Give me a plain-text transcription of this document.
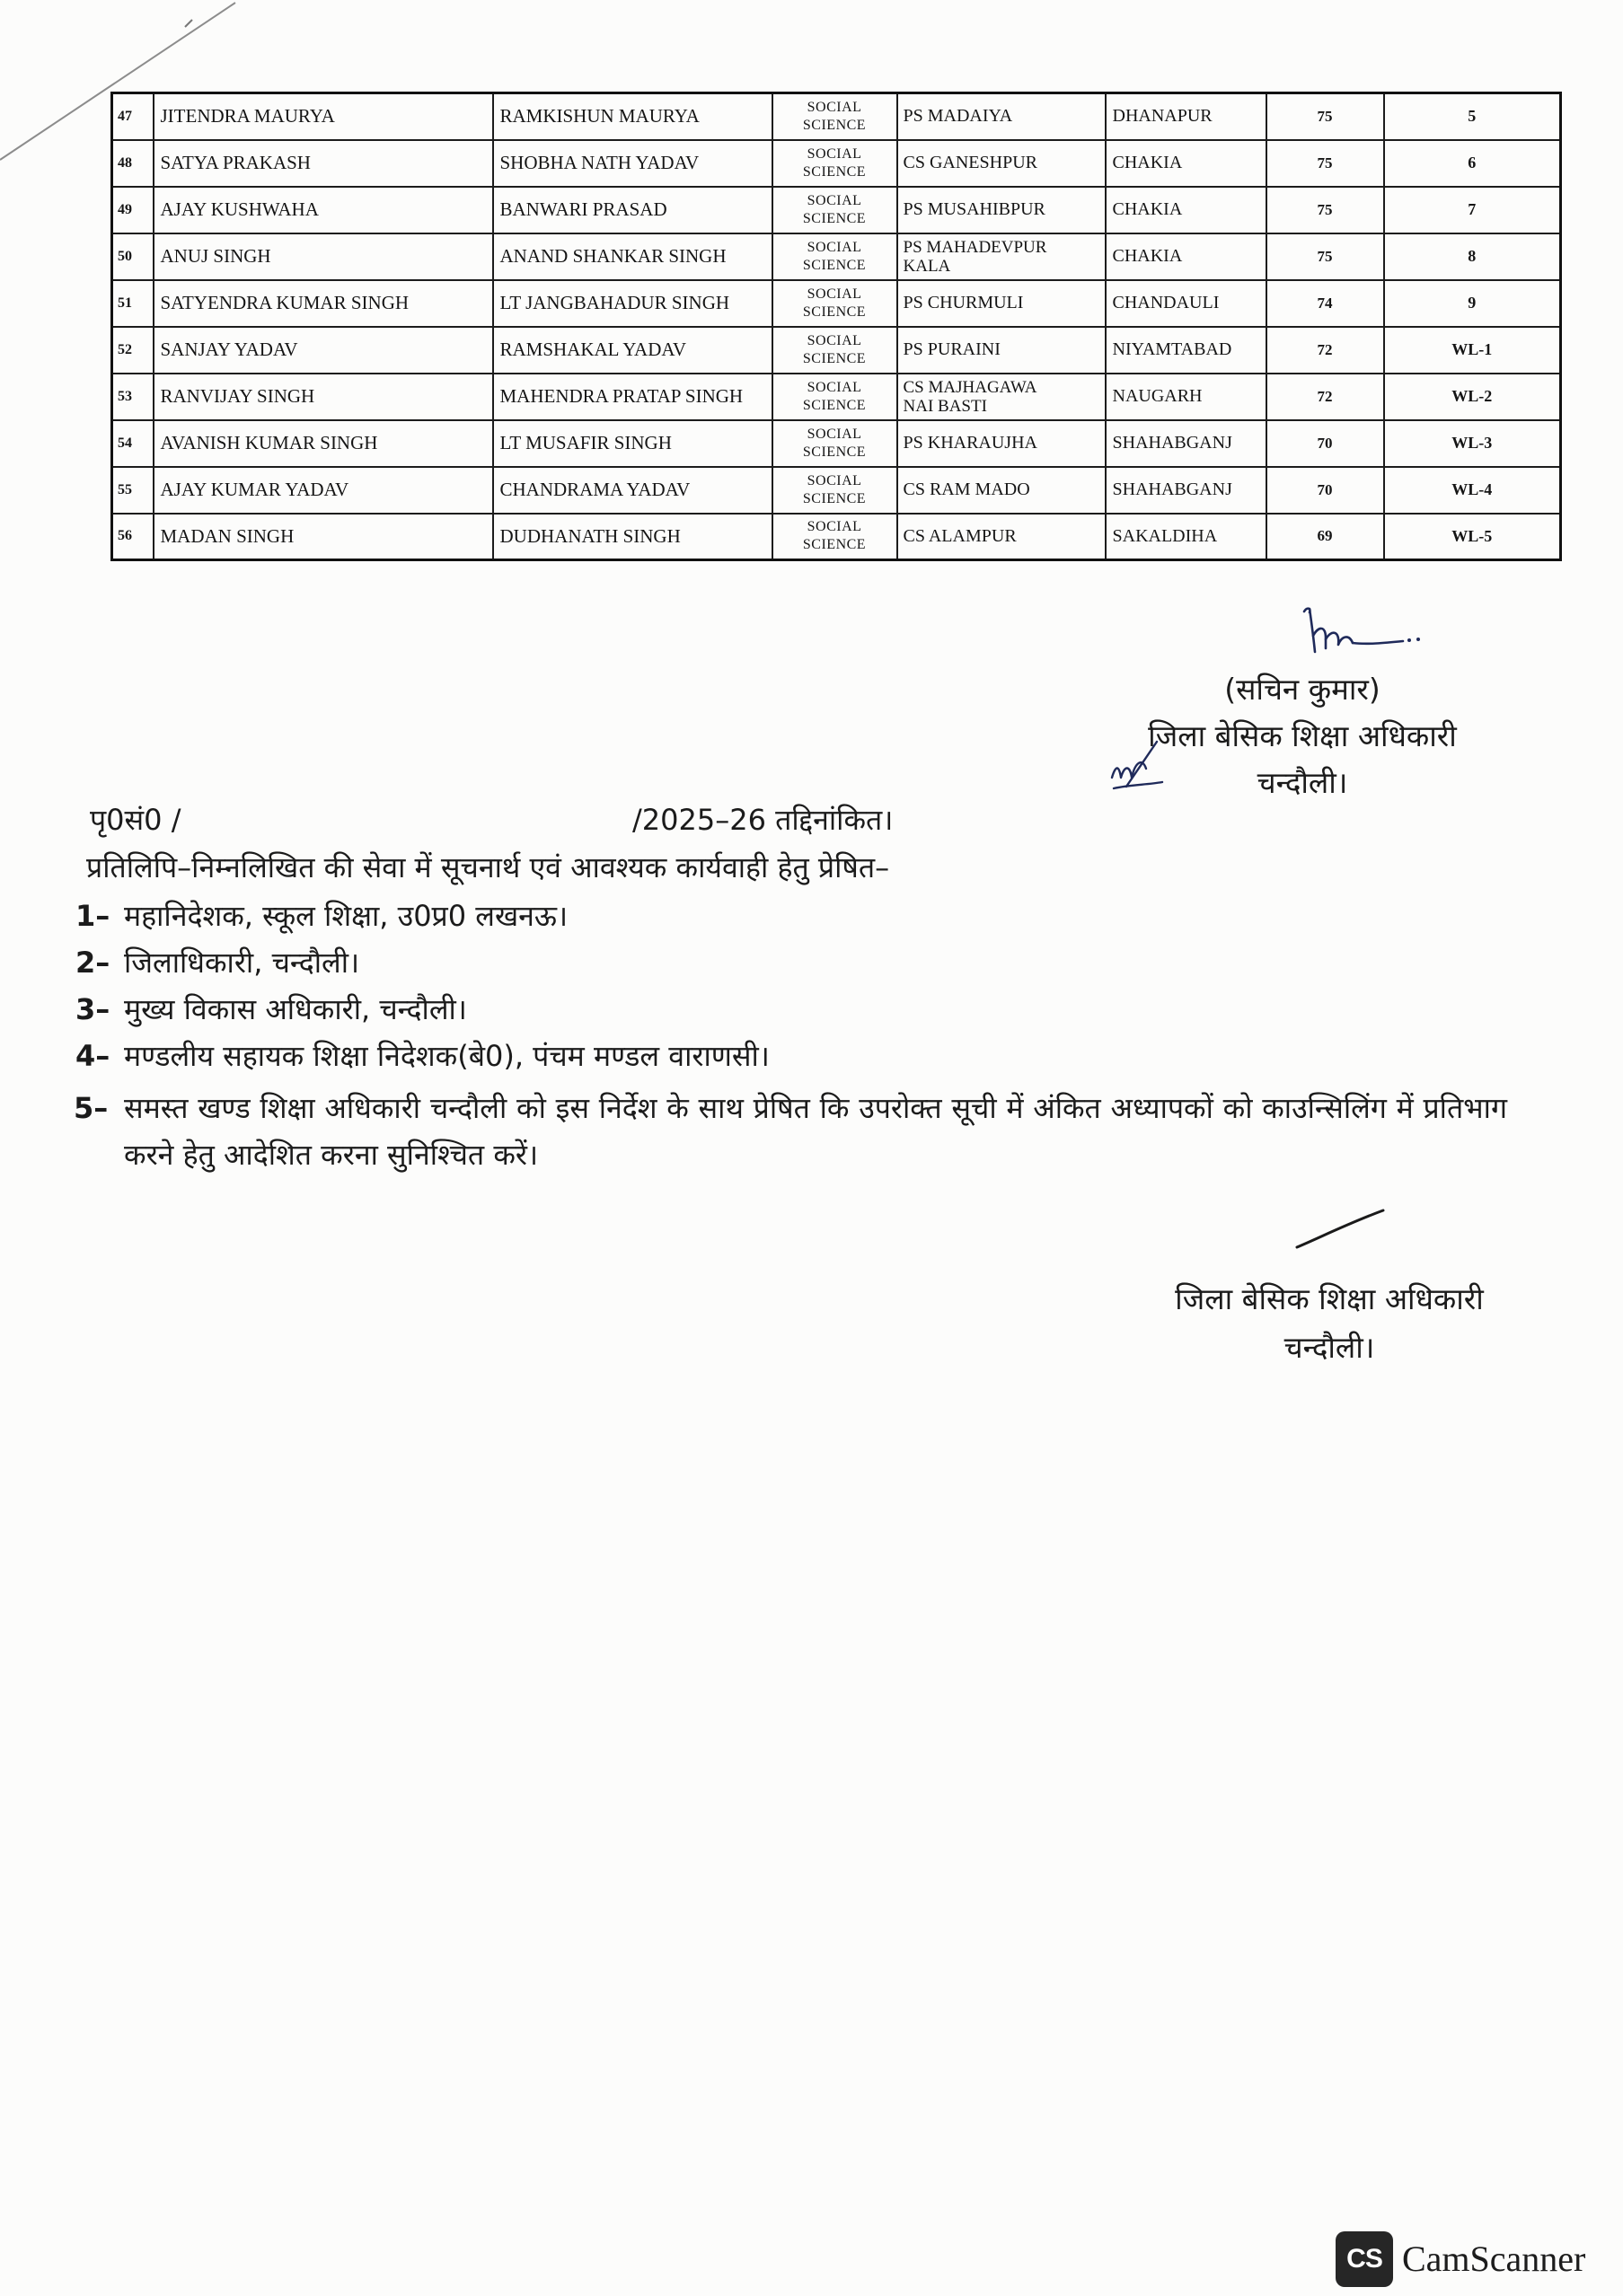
47	JITENDRA MAURYA	RAMKISHUN MAURYA	SOCIAL SCIENCE	PS MADAIYA	DHANAPUR	75	5
48	SATYA PRAKASH	SHOBHA NATH YADAV	SOCIAL SCIENCE	CS GANESHPUR	CHAKIA	75	6
49	AJAY KUSHWAHA	BANWARI PRASAD	SOCIAL SCIENCE	PS MUSAHIBPUR	CHAKIA	75	7
50	ANUJ SINGH	ANAND SHANKAR SINGH	SOCIAL SCIENCE	PS MAHADEVPUR KALA	CHAKIA	75	8
51	SATYENDRA KUMAR SINGH	LT JANGBAHADUR SINGH	SOCIAL SCIENCE	PS CHURMULI	CHANDAULI	74	9
52	SANJAY YADAV	RAMSHAKAL YADAV	SOCIAL SCIENCE	PS PURAINI	NIYAMTABAD	72	WL-1
53	RANVIJAY SINGH	MAHENDRA PRATAP SINGH	SOCIAL SCIENCE	CS MAJHAGAWA NAI BASTI	NAUGARH	72	WL-2
54	AVANISH KUMAR SINGH	LT MUSAFIR SINGH	SOCIAL SCIENCE	PS KHARAUJHA	SHAHABGANJ	70	WL-3
55	AJAY KUMAR YADAV	CHANDRAMA YADAV	SOCIAL SCIENCE	CS RAM MADO	SHAHABGANJ	70	WL-4
56	MADAN SINGH	DUDHANATH SINGH	SOCIAL SCIENCE	CS ALAMPUR	SAKALDIHA	69	WL-5
(सचिन कुमार)
जिला बेसिक शिक्षा अधिकारी
चन्दौली।
पृ0सं0 /	/2025–26 तद्दिनांकित।
प्रतिलिपि–निम्नलिखित की सेवा में सूचनार्थ एवं आवश्यक कार्यवाही हेतु प्रेषित–
1– महानिदेशक, स्कूल शिक्षा, उ0प्र0 लखनऊ।
2– जिलाधिकारी, चन्दौली।
3– मुख्य विकास अधिकारी, चन्दौली।
4– मण्डलीय सहायक शिक्षा निदेशक(बे0), पंचम मण्डल वाराणसी।
5– समस्त खण्ड शिक्षा अधिकारी चन्दौली को इस निर्देश के साथ प्रेषित कि उपरोक्त सूची में अंकित अध्यापकों को काउन्सिलिंग में प्रतिभाग करने हेतु आदेशित करना सुनिश्चित करें।
जिला बेसिक शिक्षा अधिकारी
चन्दौली।
CS CamScanner
